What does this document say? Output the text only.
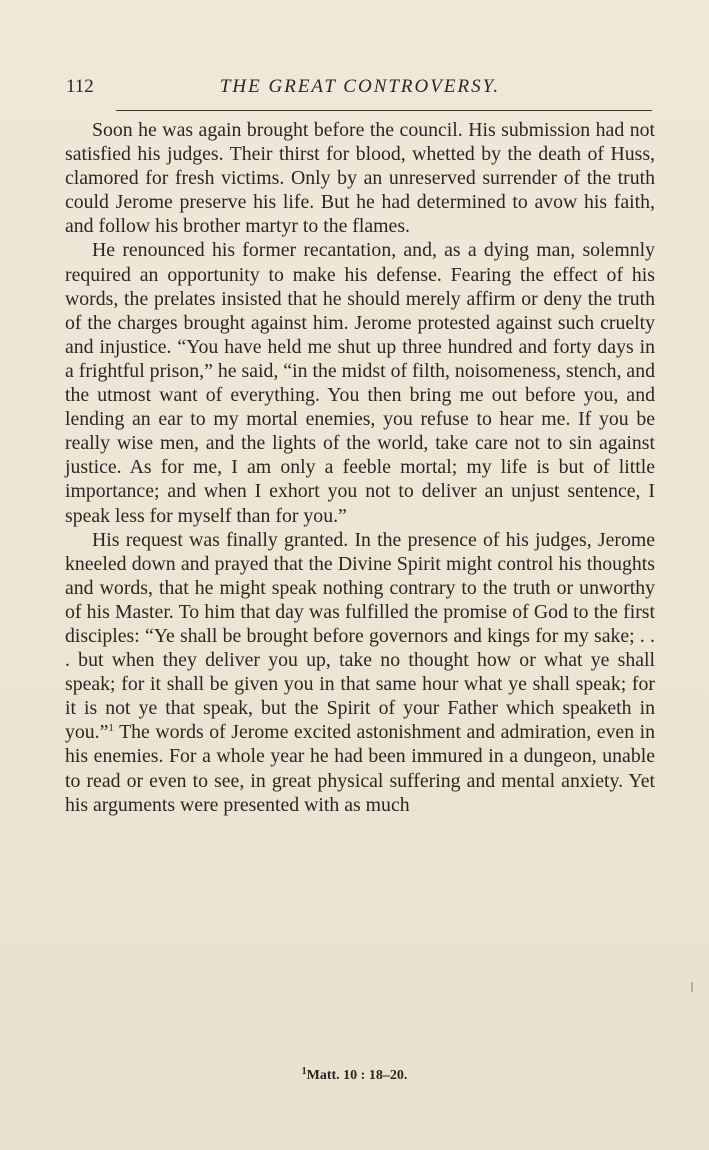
112	THE GREAT CONTROVERSY.

Soon he was again brought before the council. His submission had not satisfied his judges. Their thirst for blood, whetted by the death of Huss, clamored for fresh victims. Only by an unreserved surrender of the truth could Jerome preserve his life. But he had determined to avow his faith, and follow his brother martyr to the flames.

He renounced his former recantation, and, as a dying man, solemnly required an opportunity to make his defense. Fearing the effect of his words, the prelates insisted that he should merely affirm or deny the truth of the charges brought against him. Jerome protested against such cruelty and injustice. “You have held me shut up three hundred and forty days in a frightful prison,” he said, “in the midst of filth, noisomeness, stench, and the utmost want of everything. You then bring me out before you, and lending an ear to my mortal enemies, you refuse to hear me. If you be really wise men, and the lights of the world, take care not to sin against justice. As for me, I am only a feeble mortal; my life is but of little importance; and when I exhort you not to deliver an unjust sentence, I speak less for myself than for you.”

His request was finally granted. In the presence of his judges, Jerome kneeled down and prayed that the Divine Spirit might control his thoughts and words, that he might speak nothing contrary to the truth or unworthy of his Master. To him that day was fulfilled the promise of God to the first disciples: “Ye shall be brought before governors and kings for my sake; . . . but when they deliver you up, take no thought how or what ye shall speak; for it shall be given you in that same hour what ye shall speak; for it is not ye that speak, but the Spirit of your Father which speaketh in you.”$^1$ The words of Jerome excited astonishment and admiration, even in his enemies. For a whole year he had been immured in a dungeon, unable to read or even to see, in great physical suffering and mental anxiety. Yet his arguments were presented with as much

$^1$Matt. 10 : 18–20.
